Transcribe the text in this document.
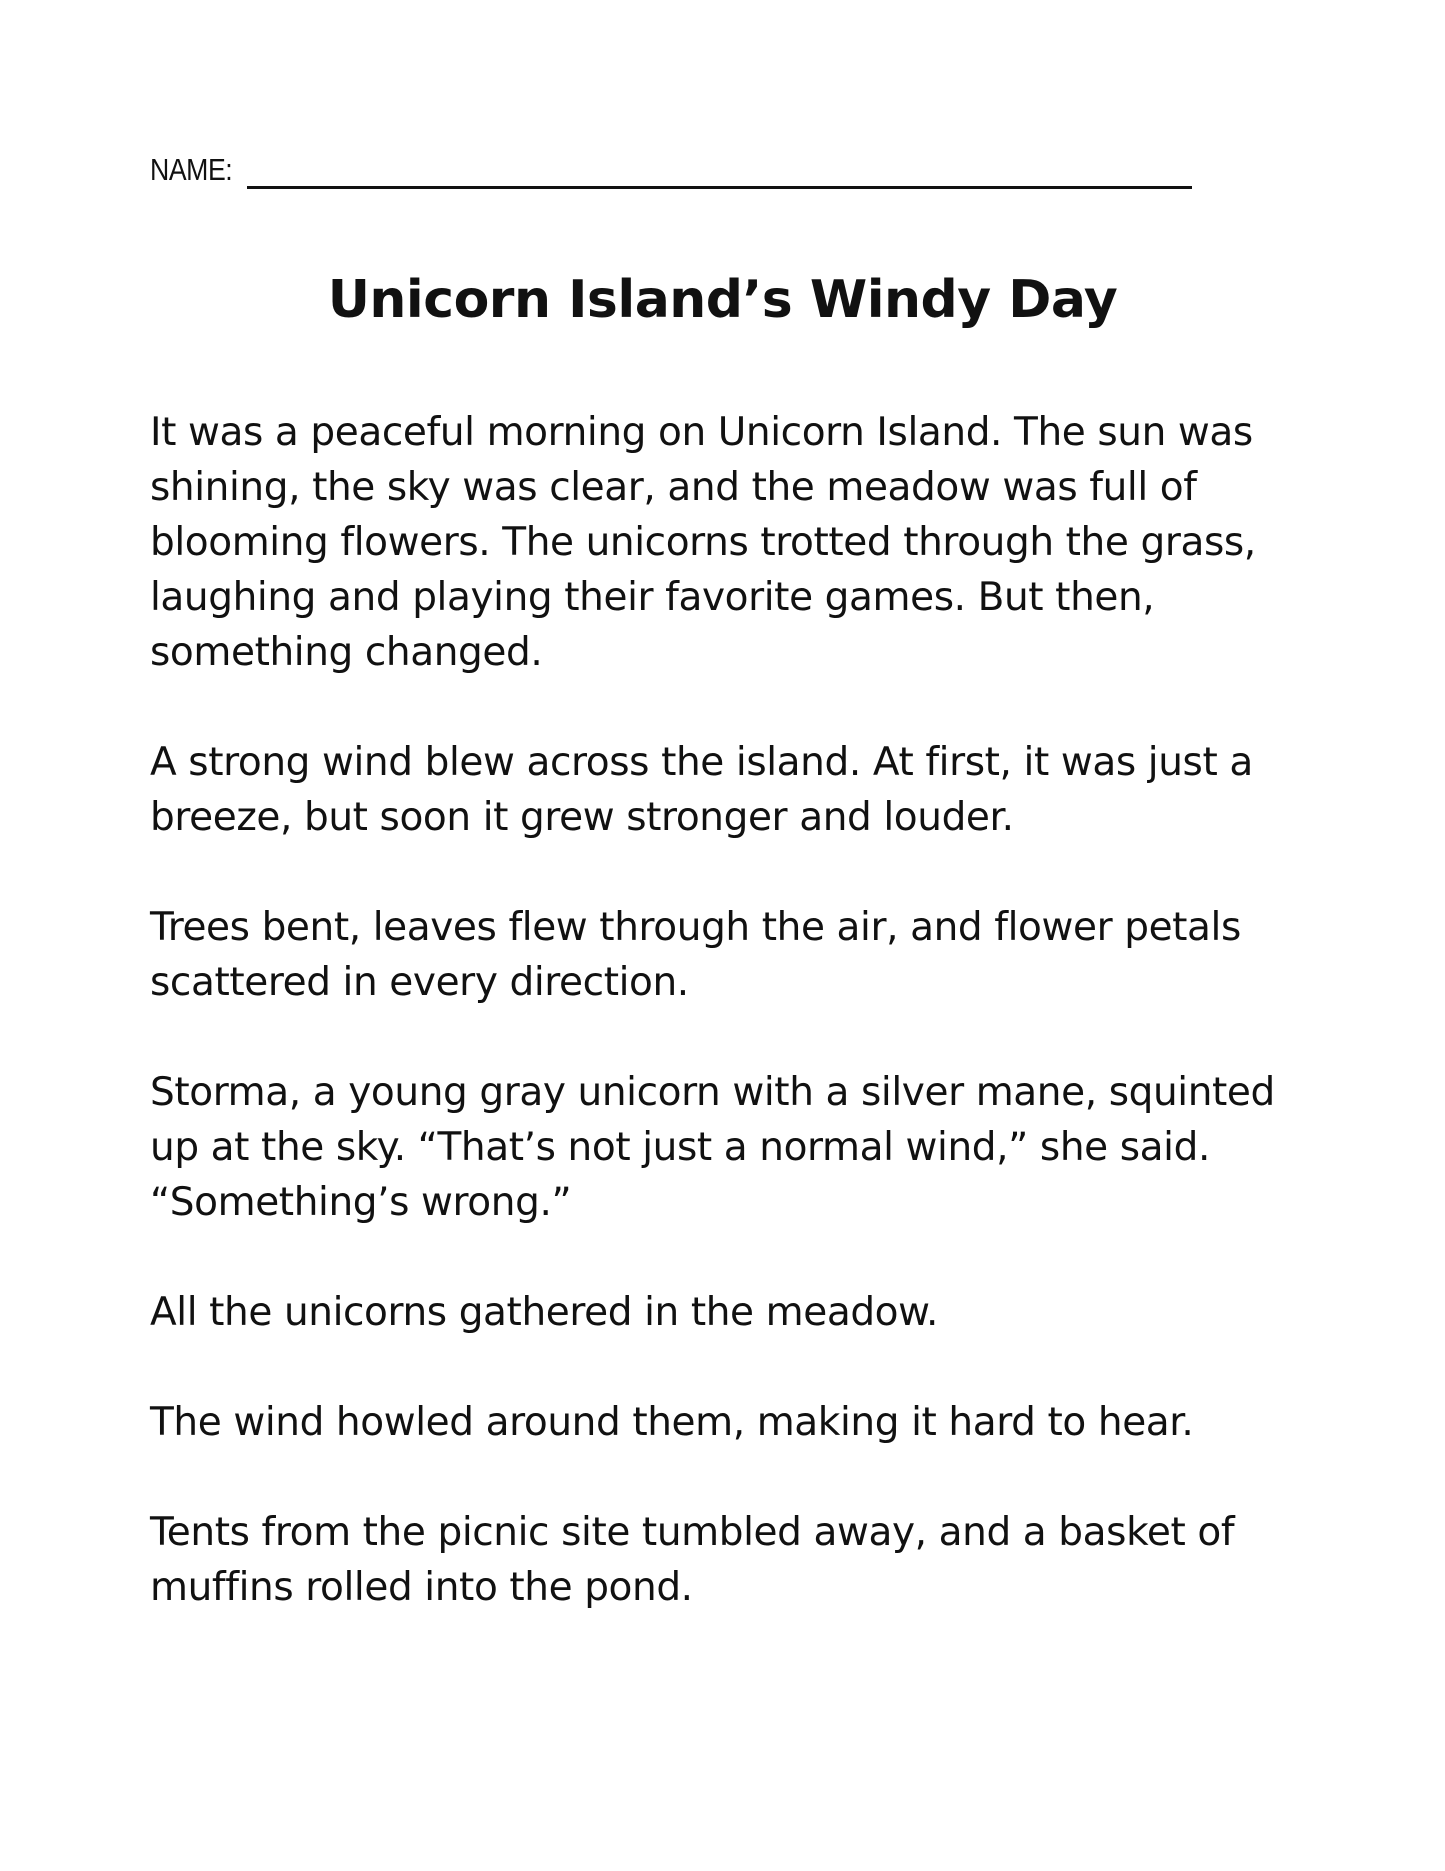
NAME:
Unicorn Island’s Windy Day

It was a peaceful morning on Unicorn Island. The sun was shining, the sky was clear, and the meadow was full of blooming flowers. The unicorns trotted through the grass, laughing and playing their favorite games. But then, something changed.

A strong wind blew across the island. At first, it was just a breeze, but soon it grew stronger and louder.

Trees bent, leaves flew through the air, and flower petals scattered in every direction.

Storma, a young gray unicorn with a silver mane, squinted up at the sky. “That’s not just a normal wind,” she said. “Something’s wrong.”

All the unicorns gathered in the meadow.

The wind howled around them, making it hard to hear.

Tents from the picnic site tumbled away, and a basket of muffins rolled into the pond.
